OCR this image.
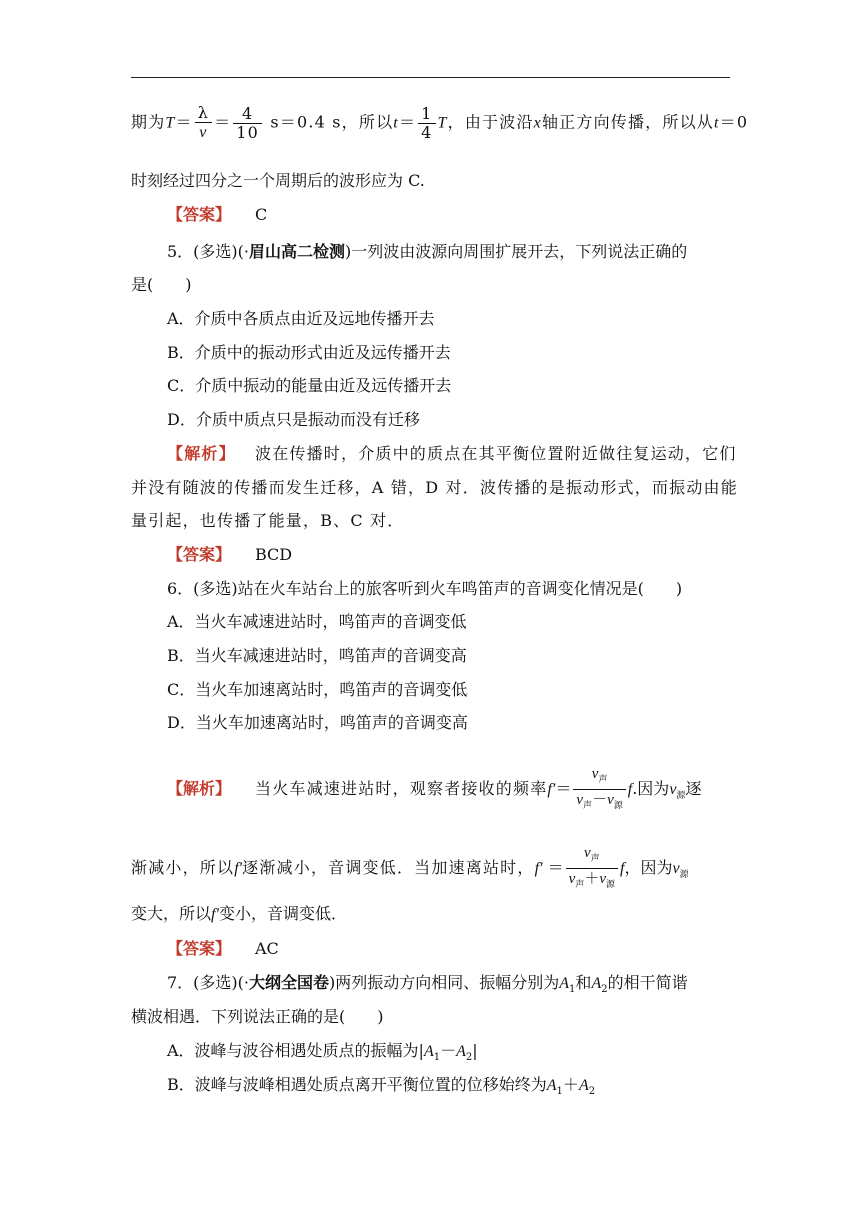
期为$T= \frac{\lambda}{v} = \frac{4}{10} s=0.4$ s，所以$t= \frac{1}{4}$ T，由于波沿x轴正方向传播，所以从t＝0
时刻经过四分之一个周期后的波形应为 C.
【答案】 C
5．(多选)(·眉山高二检测)一列波由波源向周围扩展开去，下列说法正确的
是(　　)
A．介质中各质点由近及远地传播开去
B．介质中的振动形式由近及远传播开去
C．介质中振动的能量由近及远传播开去
D．介质中质点只是振动而没有迁移
【解析】 波在传播时，介质中的质点在其平衡位置附近做往复运动，它们
并没有随波的传播而发生迁移，A 错，D 对．波传播的是振动形式，而振动由能
量引起，也传播了能量，B、C 对．
【答案】 BCD
6．(多选)站在火车站台上的旅客听到火车鸣笛声的音调变化情况是(　　)
A．当火车减速进站时，鸣笛声的音调变低
B．当火车减速进站时，鸣笛声的音调变高
C．当火车加速离站时，鸣笛声的音调变低
D．当火车加速离站时，鸣笛声的音调变高
【解析】 当火车减速进站时，观察者接收的频率$f'= \frac{v_声}{v_声-v_源} f$.因为$v_源$逐
渐减小，所以f′逐渐减小，音调变低．当加速离站时，$f' = \frac{v_声}{v_声+v_源}$ f，因为$v_源$
变大，所以f′变小，音调变低．
【答案】 AC
7．(多选)(·大纲全国卷)两列振动方向相同、振幅分别为$A_1$和$A_2$的相干简谐
横波相遇．下列说法正确的是(　　)
A．波峰与波谷相遇处质点的振幅为$|A_1-A_2|$
B．波峰与波峰相遇处质点离开平衡位置的位移始终为$A_1+A_2$
